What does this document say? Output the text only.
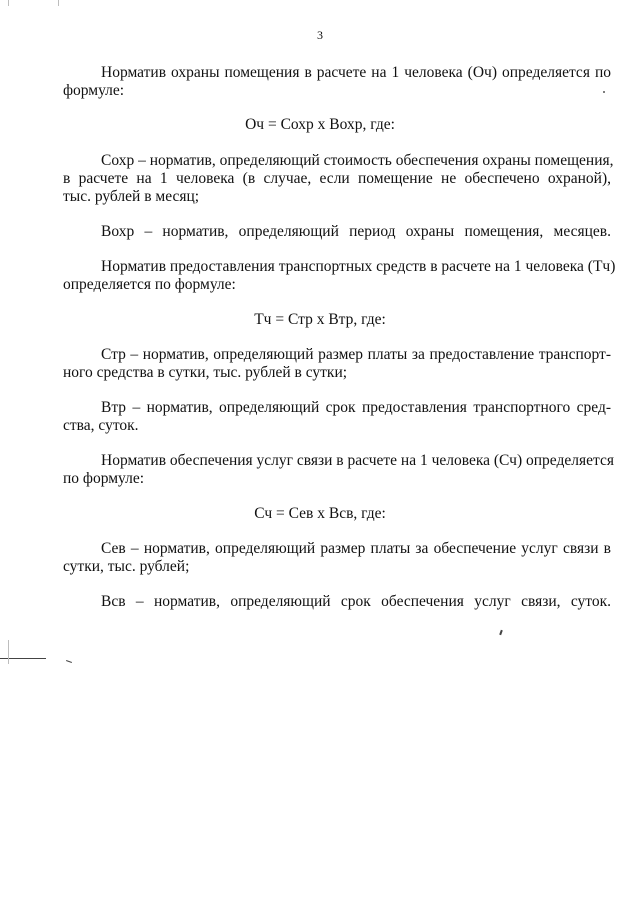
3
Норматив охраны помещения в расчете на 1 человека (Оч) определяется по
формуле:
Оч = Сохр х Вохр, где:
Сохр – норматив, определяющий стоимость обеспечения охраны помещения,
в расчете на 1 человека (в случае, если помещение не обеспечено охраной),
тыс. рублей в месяц;
Вохр – норматив, определяющий период охраны помещения, месяцев.
Норматив предоставления транспортных средств в расчете на 1 человека (Тч)
определяется по формуле:
Тч = Стр х Втр, где:
Стр – норматив, определяющий размер платы за предоставление транспорт-
ного средства в сутки, тыс. рублей в сутки;
Втр – норматив, определяющий срок предоставления транспортного сред-
ства, суток.
Норматив обеспечения услуг связи в расчете на 1 человека (Сч) определяется
по формуле:
Сч = Сев х Всв, где:
Сев – норматив, определяющий размер платы за обеспечение услуг связи в
сутки, тыс. рублей;
Всв – норматив, определяющий срок обеспечения услуг связи, суток.
